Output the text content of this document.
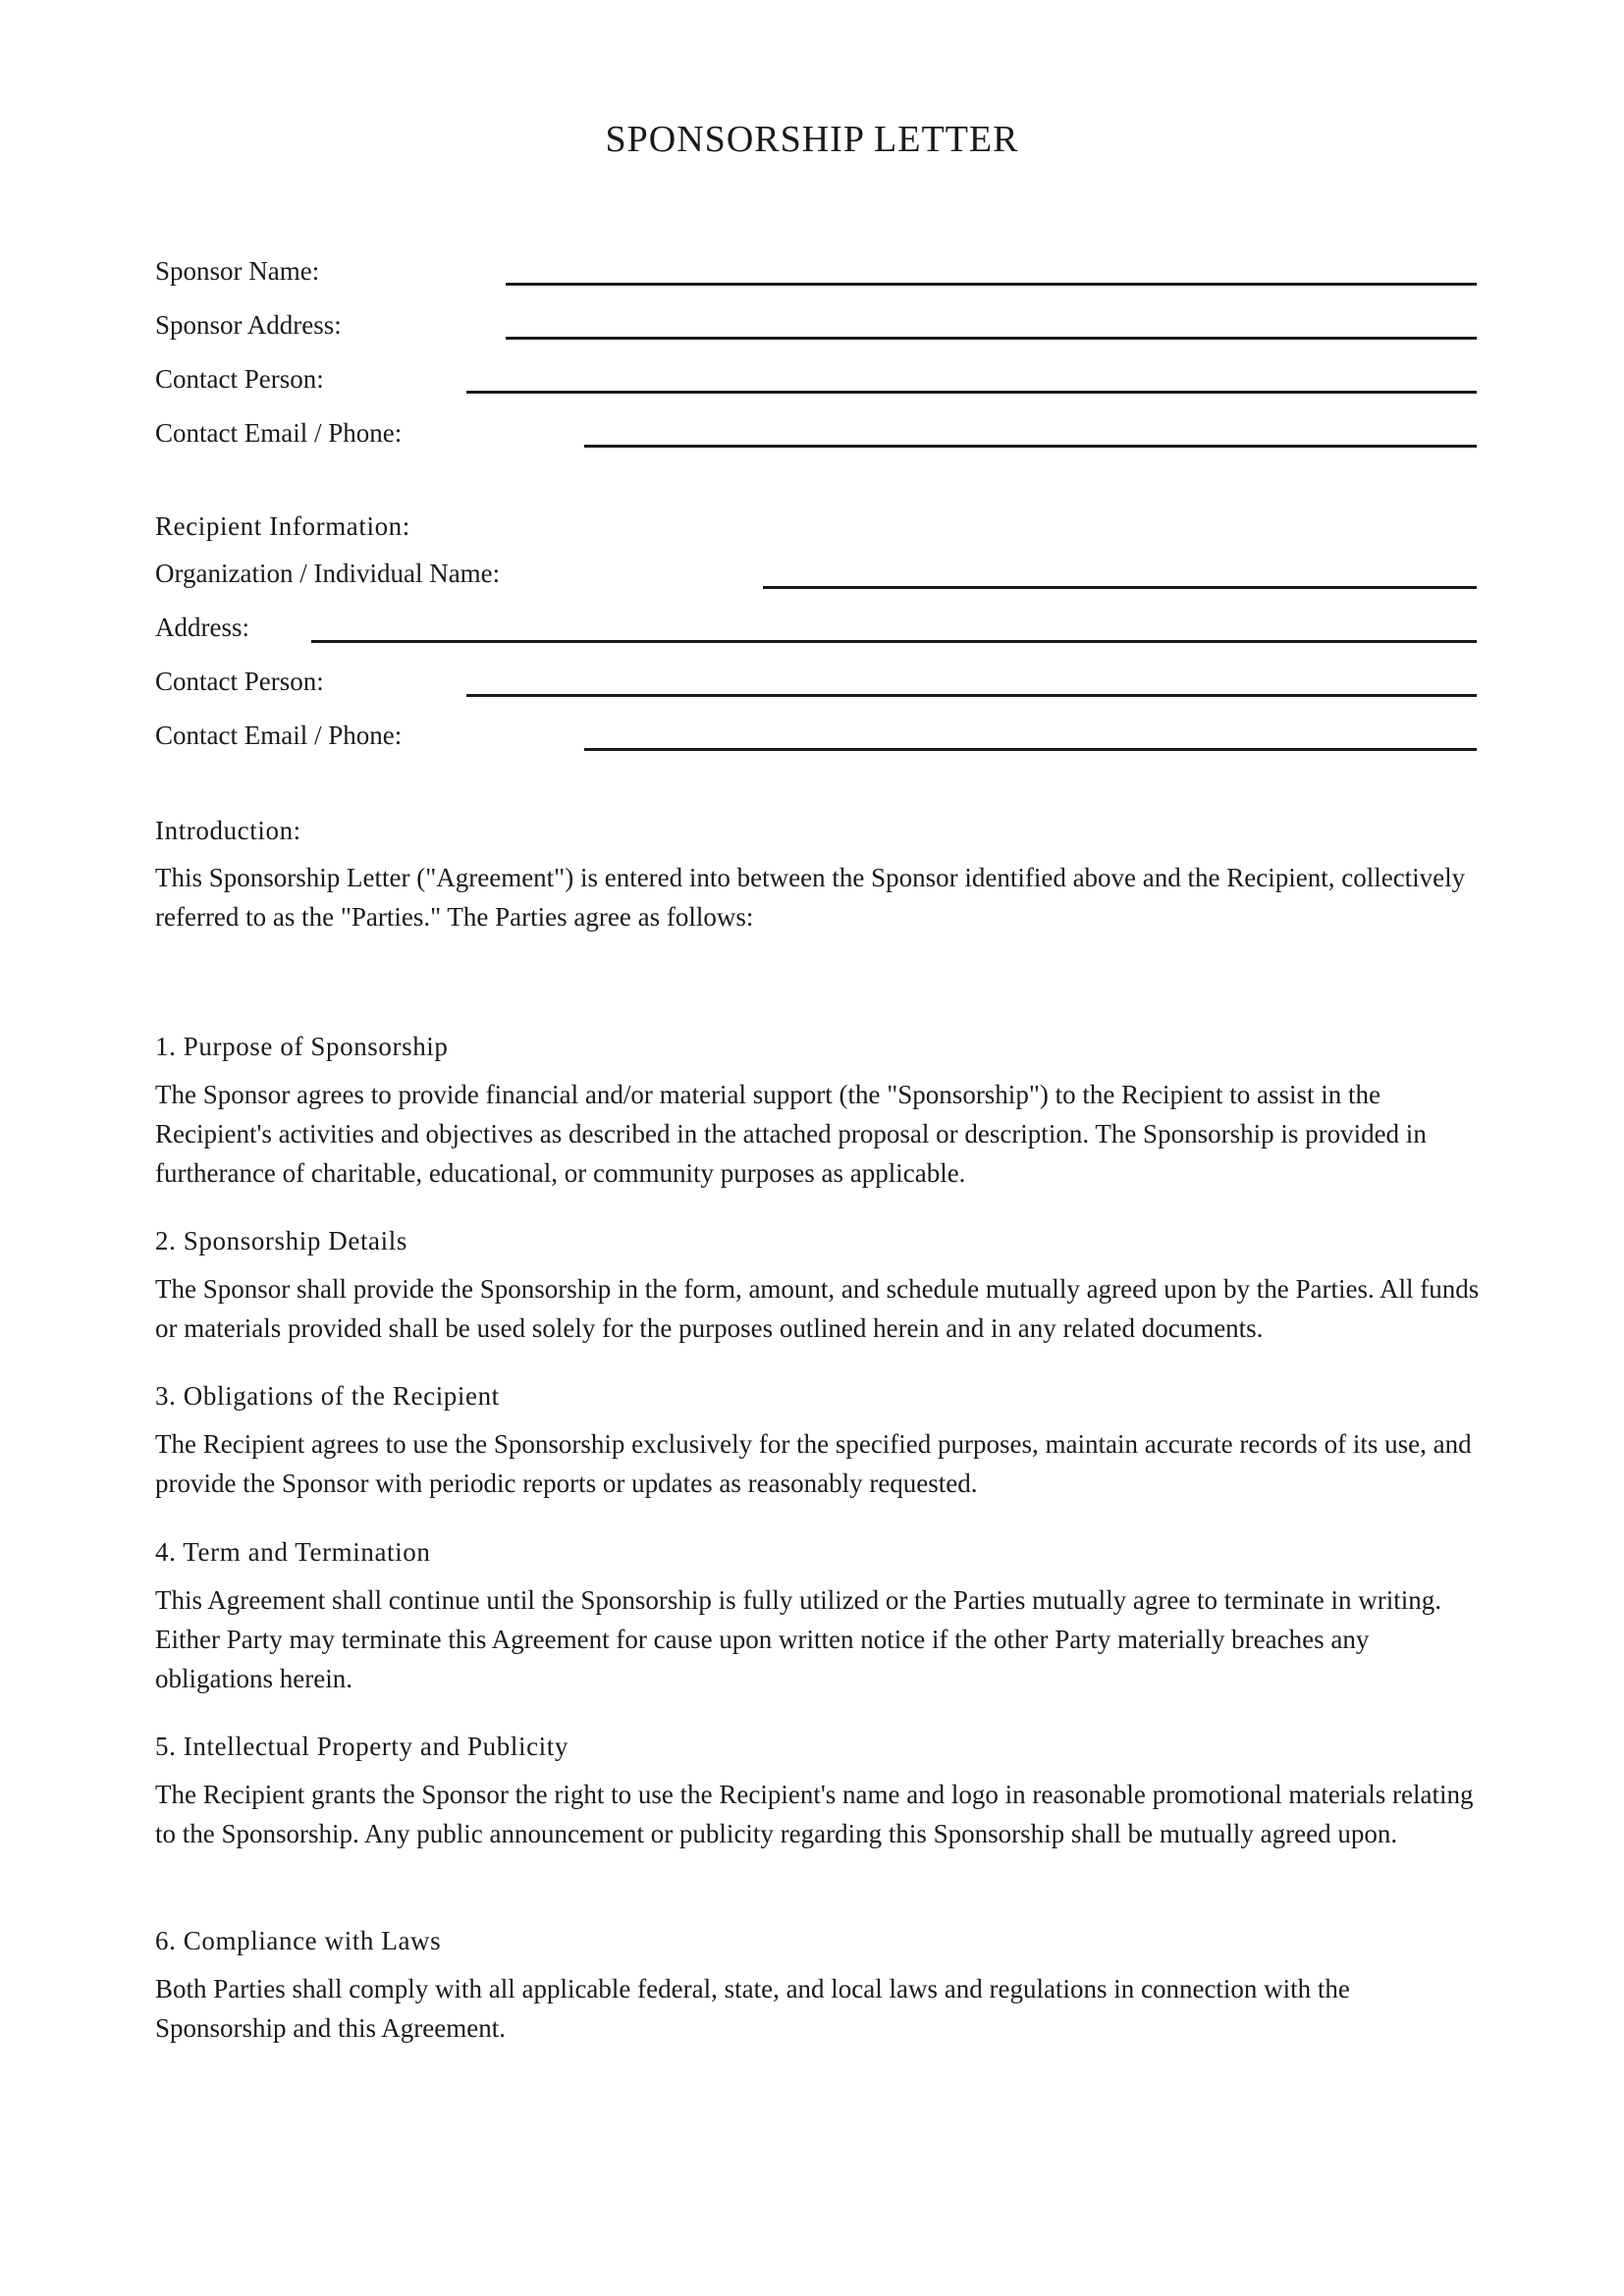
SPONSORSHIP LETTER
Sponsor Name:
Sponsor Address:
Contact Person:
Contact Email / Phone:
Recipient Information:
Organization / Individual Name:
Address:
Contact Person:
Contact Email / Phone:
Introduction:

This Sponsorship Letter ("Agreement") is entered into between the Sponsor identified above and the Recipient, collectively referred to as the "Parties." The Parties agree as follows:

1. Purpose of Sponsorship

The Sponsor agrees to provide financial and/or material support (the "Sponsorship") to the Recipient to assist in the Recipient's activities and objectives as described in the attached proposal or description. The Sponsorship is provided in furtherance of charitable, educational, or community purposes as applicable.

2. Sponsorship Details

The Sponsor shall provide the Sponsorship in the form, amount, and schedule mutually agreed upon by the Parties. All funds or materials provided shall be used solely for the purposes outlined herein and in any related documents.

3. Obligations of the Recipient

The Recipient agrees to use the Sponsorship exclusively for the specified purposes, maintain accurate records of its use, and provide the Sponsor with periodic reports or updates as reasonably requested.

4. Term and Termination

This Agreement shall continue until the Sponsorship is fully utilized or the Parties mutually agree to terminate in writing. Either Party may terminate this Agreement for cause upon written notice if the other Party materially breaches any obligations herein.

5. Intellectual Property and Publicity

The Recipient grants the Sponsor the right to use the Recipient's name and logo in reasonable promotional materials relating to the Sponsorship. Any public announcement or publicity regarding this Sponsorship shall be mutually agreed upon.

6. Compliance with Laws

Both Parties shall comply with all applicable federal, state, and local laws and regulations in connection with the Sponsorship and this Agreement.
